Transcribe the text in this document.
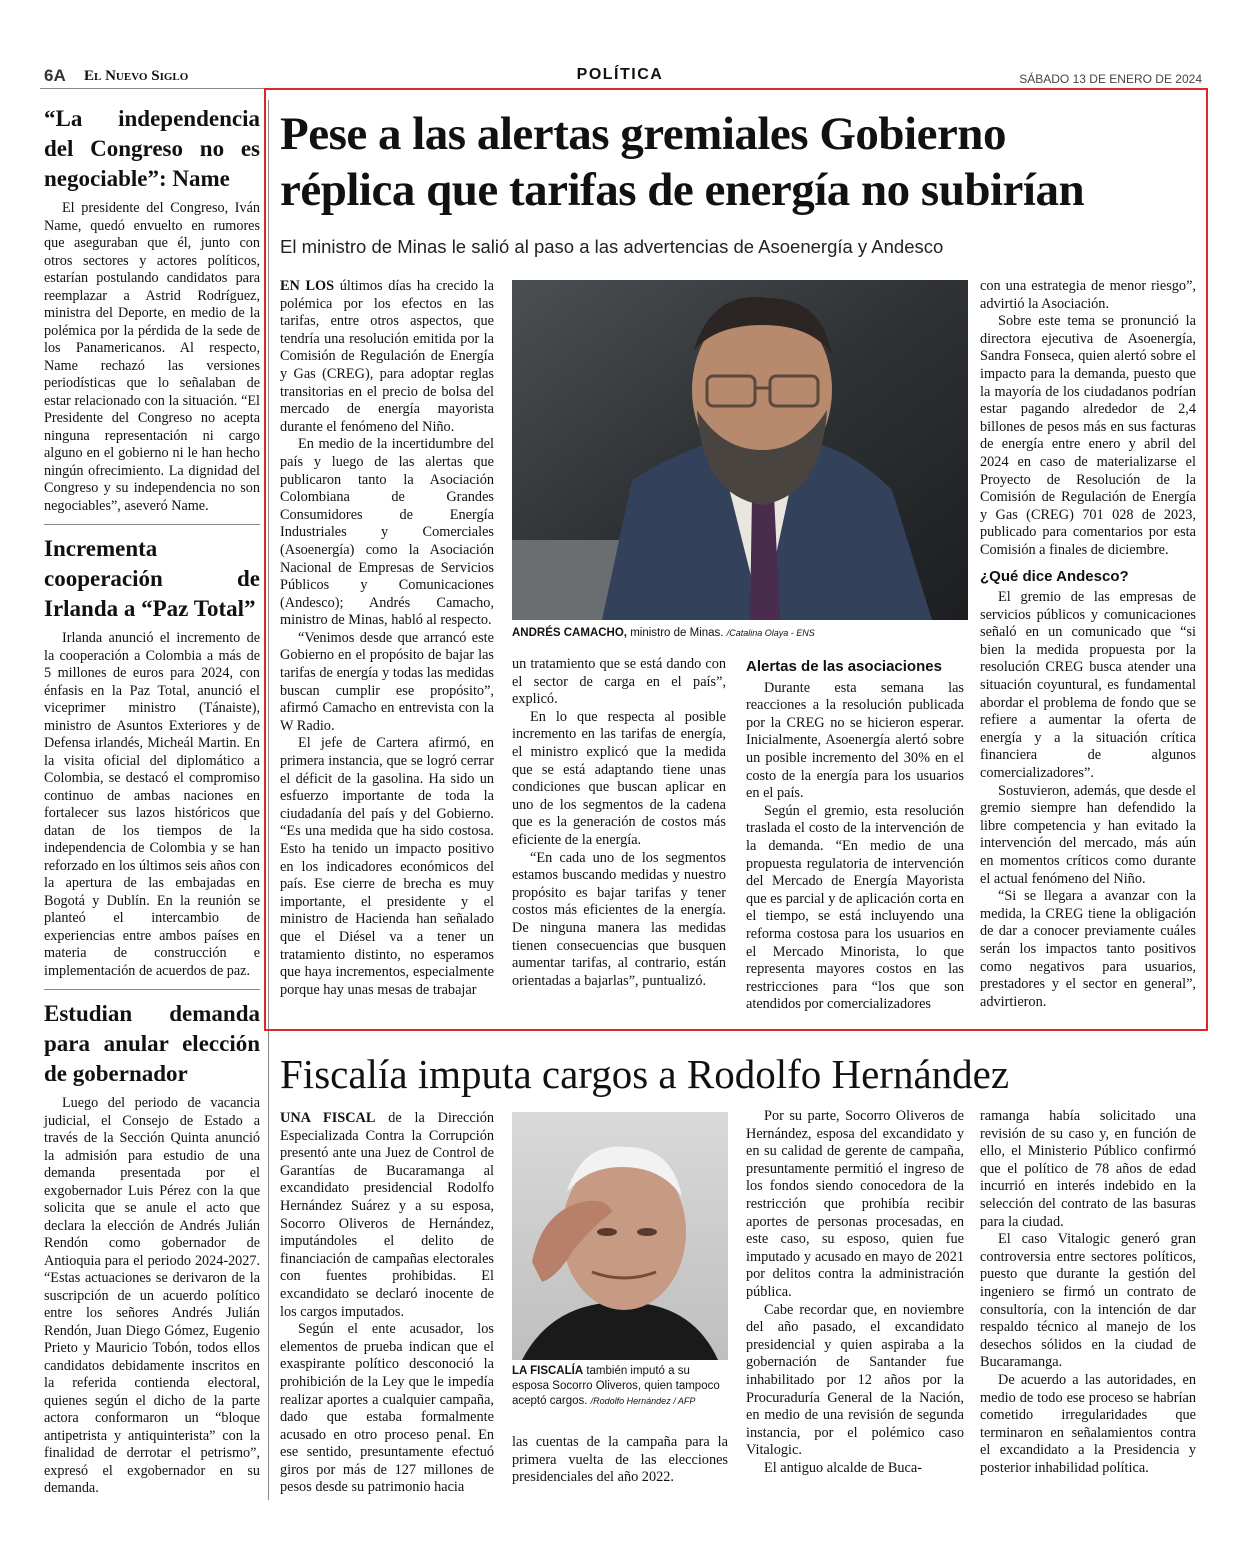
6A El Nuevo Siglo	POLÍTICA	SÁBADO 13 DE ENERO DE 2024
“La independencia del Congreso no es negociable”: Name

El presidente del Congreso, Iván Name, quedó envuelto en rumores que aseguraban que él, junto con otros sectores y actores políticos, estarían postulando candidatos para reemplazar a Astrid Rodríguez, ministra del Deporte, en medio de la polémica por la pérdida de la sede de los Panamericanos. Al respecto, Name rechazó las versiones periodísticas que lo señalaban de estar relacionado con la situación. “El Presidente del Congreso no acepta ninguna representación ni cargo alguno en el gobierno ni le han hecho ningún ofrecimiento. La dignidad del Congreso y su independencia no son negociables”, aseveró Name.

Incrementa cooperación de Irlanda a “Paz Total”

Irlanda anunció el incremento de la cooperación a Colombia a más de 5 millones de euros para 2024, con énfasis en la Paz Total, anunció el viceprimer ministro (Tánaiste), ministro de Asuntos Exteriores y de Defensa irlandés, Micheál Martin. En la visita oficial del diplomático a Colombia, se destacó el compromiso continuo de ambas naciones en fortalecer sus lazos históricos que datan de los tiempos de la independencia de Colombia y se han reforzado en los últimos seis años con la apertura de las embajadas en Bogotá y Dublín. En la reunión se planteó el intercambio de experiencias entre ambos países en materia de construcción e implementación de acuerdos de paz.

Estudian demanda para anular elección de gobernador

Luego del periodo de vacancia judicial, el Consejo de Estado a través de la Sección Quinta anunció la admisión para estudio de una demanda presentada por el exgobernador Luis Pérez con la que solicita que se anule el acto que declara la elección de Andrés Julián Rendón como gobernador de Antioquia para el periodo 2024-2027. “Estas actuaciones se derivaron de la suscripción de un acuerdo político entre los señores Andrés Julián Rendón, Juan Diego Gómez, Eugenio Prieto y Mauricio Tobón, todos ellos candidatos debidamente inscritos en la referida contienda electoral, quienes según el dicho de la parte actora conformaron un “bloque antipetrista y antiquinterista” con la finalidad de derrotar el petrismo”, expresó el exgobernador en su demanda.

Pese a las alertas gremiales Gobierno
réplica que tarifas de energía no subirían
El ministro de Minas le salió al paso a las advertencias de Asoenergía y Andesco

EN LOS últimos días ha crecido la polémica por los efectos en las tarifas, entre otros aspectos, que tendría una resolución emitida por la Comisión de Regulación de Energía y Gas (CREG), para adoptar reglas transitorias en el precio de bolsa del mercado de energía mayorista durante el fenómeno del Niño.

En medio de la incertidumbre del país y luego de las alertas que publicaron tanto la Asociación Colombiana de Grandes Consumidores de Energía Industriales y Comerciales (Asoenergía) como la Asociación Nacional de Empresas de Servicios Públicos y Comunicaciones (Andesco); Andrés Camacho, ministro de Minas, habló al respecto.

“Venimos desde que arrancó este Gobierno en el propósito de bajar las tarifas de energía y todas las medidas buscan cumplir ese propósito”, afirmó Camacho en entrevista con la W Radio.

El jefe de Cartera afirmó, en primera instancia, que se logró cerrar el déficit de la gasolina. Ha sido un esfuerzo importante de toda la ciudadanía del país y del Gobierno. “Es una medida que ha sido costosa. Esto ha tenido un impacto positivo en los indicadores económicos del país. Ese cierre de brecha es muy importante, el presidente y el ministro de Hacienda han señalado que el Diésel va a tener un tratamiento distinto, no esperamos que haya incrementos, especialmente porque hay unas mesas de trabajar

ANDRÉS CAMACHO, ministro de Minas. /Catalina Olaya - ENS

un tratamiento que se está dando con el sector de carga en el país”, explicó.

En lo que respecta al posible incremento en las tarifas de energía, el ministro explicó que la medida que se está adaptando tiene unas condiciones que buscan aplicar en uno de los segmentos de la cadena que es la generación de costos más eficiente de la energía.

“En cada uno de los segmentos estamos buscando medidas y nuestro propósito es bajar tarifas y tener costos más eficientes de la energía. De ninguna manera las medidas tienen consecuencias que busquen aumentar tarifas, al contrario, están orientadas a bajarlas”, puntualizó.

Alertas de las asociaciones

Durante esta semana las reacciones a la resolución publicada por la CREG no se hicieron esperar. Inicialmente, Asoenergía alertó sobre un posible incremento del 30% en el costo de la energía para los usuarios en el país.

Según el gremio, esta resolución traslada el costo de la intervención de la demanda. “En medio de una propuesta regulatoria de intervención del Mercado de Energía Mayorista que es parcial y de aplicación corta en el tiempo, se está incluyendo una reforma costosa para los usuarios en el Mercado Minorista, lo que representa mayores costos en las restricciones para “los que son atendidos por comercializadores

con una estrategia de menor riesgo”, advirtió la Asociación.

Sobre este tema se pronunció la directora ejecutiva de Asoenergía, Sandra Fonseca, quien alertó sobre el impacto para la demanda, puesto que la mayoría de los ciudadanos podrían estar pagando alrededor de 2,4 billones de pesos más en sus facturas de energía entre enero y abril del 2024 en caso de materializarse el Proyecto de Resolución de la Comisión de Regulación de Energía y Gas (CREG) 701 028 de 2023, publicado para comentarios por esta Comisión a finales de diciembre.

¿Qué dice Andesco?

El gremio de las empresas de servicios públicos y comunicaciones señaló en un comunicado que “si bien la medida propuesta por la resolución CREG busca atender una situación coyuntural, es fundamental abordar el problema de fondo que se refiere a aumentar la oferta de energía y a la situación crítica financiera de algunos comercializadores”.

Sostuvieron, además, que desde el gremio siempre han defendido la libre competencia y han evitado la intervención del mercado, más aún en momentos críticos como durante el actual fenómeno del Niño.

“Si se llegara a avanzar con la medida, la CREG tiene la obligación de dar a conocer previamente cuáles serán los impactos tanto positivos como negativos para usuarios, prestadores y el sector en general”, advirtieron.

Fiscalía imputa cargos a Rodolfo Hernández

UNA FISCAL de la Dirección Especializada Contra la Corrupción presentó ante una Juez de Control de Garantías de Bucaramanga al excandidato presidencial Rodolfo Hernández Suárez y a su esposa, Socorro Oliveros de Hernández, imputándoles el delito de financiación de campañas electorales con fuentes prohibidas. El excandidato se declaró inocente de los cargos imputados.

Según el ente acusador, los elementos de prueba indican que el exaspirante político desconoció la prohibición de la Ley que le impedía realizar aportes a cualquier campaña, dado que estaba formalmente acusado en otro proceso penal. En ese sentido, presuntamente efectuó giros por más de 127 millones de pesos desde su patrimonio hacia

LA FISCALÍA también imputó a su esposa Socorro Oliveros, quien tampoco aceptó cargos. /Rodolfo Hernández / AFP

las cuentas de la campaña para la primera vuelta de las elecciones presidenciales del año 2022.

Por su parte, Socorro Oliveros de Hernández, esposa del excandidato y en su calidad de gerente de campaña, presuntamente permitió el ingreso de los fondos siendo conocedora de la restricción que prohibía recibir aportes de personas procesadas, en este caso, su esposo, quien fue imputado y acusado en mayo de 2021 por delitos contra la administración pública.

Cabe recordar que, en noviembre del año pasado, el excandidato presidencial y quien aspiraba a la gobernación de Santander fue inhabilitado por 12 años por la Procuraduría General de la Nación, en medio de una revisión de segunda instancia, por el polémico caso Vitalogic.

El antiguo alcalde de Buca-

ramanga había solicitado una revisión de su caso y, en función de ello, el Ministerio Público confirmó que el político de 78 años de edad incurrió en interés indebido en la selección del contrato de las basuras para la ciudad.

El caso Vitalogic generó gran controversia entre sectores políticos, puesto que durante la gestión del ingeniero se firmó un contrato de consultoría, con la intención de dar respaldo técnico al manejo de los desechos sólidos en la ciudad de Bucaramanga.

De acuerdo a las autoridades, en medio de todo ese proceso se habrían cometido irregularidades que terminaron en señalamientos contra el excandidato a la Presidencia y posterior inhabilidad política.
